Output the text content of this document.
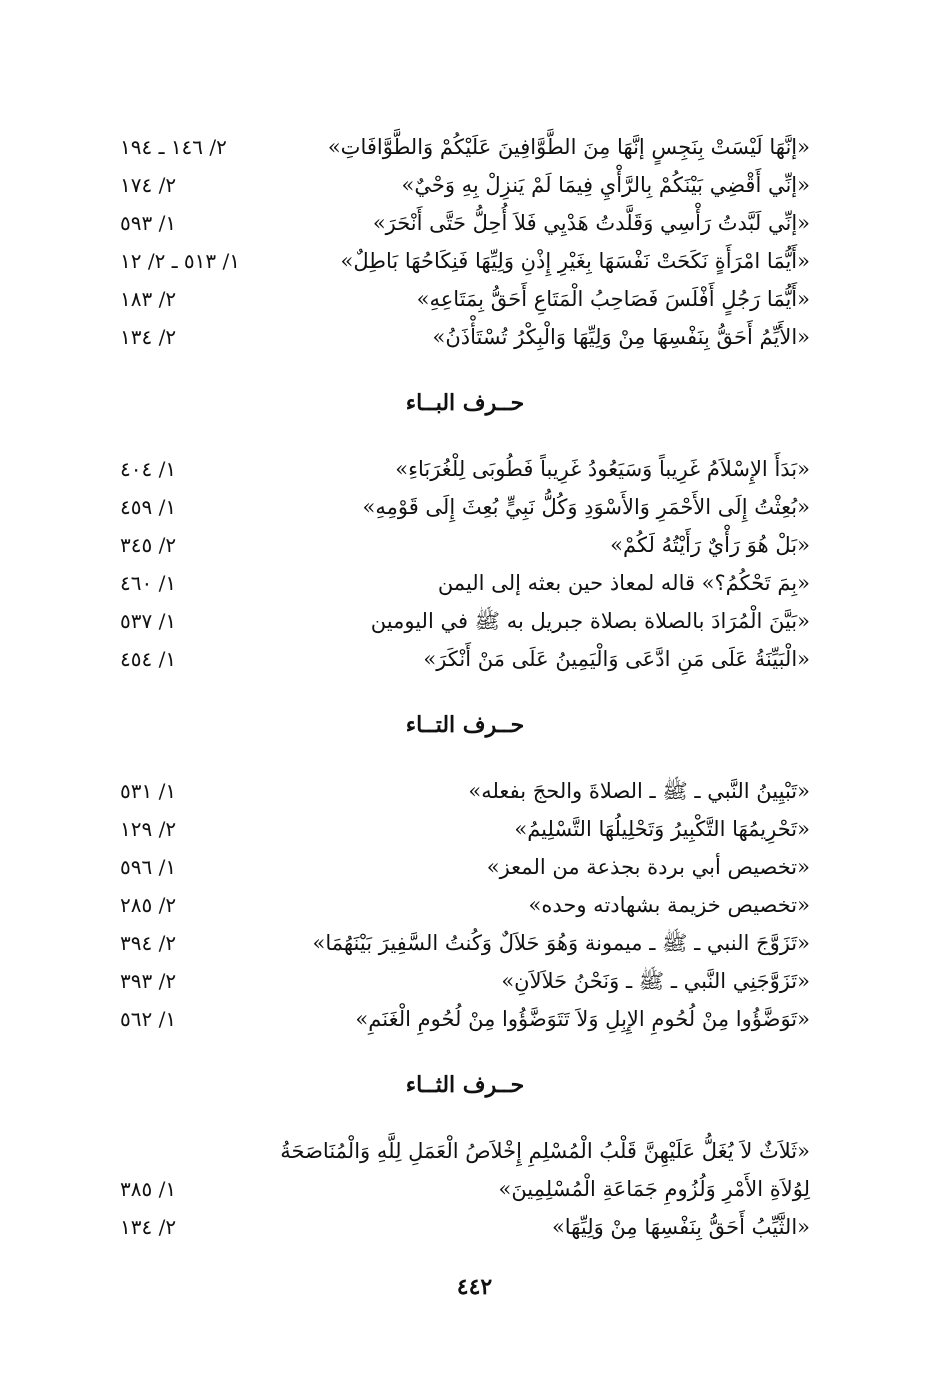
«إنَّهَا لَيْسَتْ بِنَجِسٍ إنَّهَا مِنَ الطَّوَّافِينَ عَلَيْكُمْ وَالطَّوَّافَاتِ»
٢/ ١٤٦ ـ ١٩٤
«إنِّي أَقْضِي بَيْنَكُمْ بِالرَّأْيِ فِيمَا لَمْ يَنزِلْ بِهِ وَحْيٌ»
٢/ ١٧٤
«إنِّي لَبَّدتُ رَأْسِي وَقَلَّدتُ هَدْيِي فَلاَ أُحِلُّ حَتَّى أَنْحَرَ»
١/ ٥٩٣
«أَيُّمَا امْرَأَةٍ نَكَحَتْ نَفْسَهَا بِغَيْرِ إِذْنِ وَلِيِّهَا فَنِكَاحُهَا بَاطِلٌ»
١/ ٥١٣ ـ ٢/ ١٢
«أَيُّمَا رَجُلٍ أَفْلَسَ فَصَاحِبُ الْمَتَاعِ أَحَقُّ بِمَتَاعِهِ»
٢/ ١٨٣
«الأَيِّمُ أَحَقُّ بِنَفْسِهَا مِنْ وَلِيِّهَا وَالْبِكْرُ تُسْتَأْذَنُ»
٢/ ١٣٤
حــرف البــاء
«بَدَأَ الإِسْلاَمُ غَرِيباً وَسَيَعُودُ غَرِيباً فَطُوبَى لِلْغُرَبَاءِ»
١/ ٤٠٤
«بُعِثْتُ إِلَى الأَحْمَرِ وَالأَسْوَدِ وَكُلُّ نَبِيٍّ بُعِثَ إِلَى قَوْمِهِ»
١/ ٤٥٩
«بَلْ هُوَ رَأْيٌ رَأَيْتُهُ لَكُمْ»
٢/ ٣٤٥
«بِمَ تَحْكُمُ؟» قاله لمعاذ حين بعثه إلى اليمن
١/ ٤٦٠
«بَيَّنَ الْمُرَادَ بالصلاة بصلاة جبريل به ﷺ في اليومين
١/ ٥٣٧
«الْبَيِّنَةُ عَلَى مَنِ ادَّعَى وَالْيَمِينُ عَلَى مَنْ أَنْكَرَ»
١/ ٤٥٤
حــرف التــاء
«تَبْيِينُ النَّبي ـ ﷺ ـ الصلاةَ والحجَ بفعله»
١/ ٥٣١
«تَحْرِيمُهَا التَّكْبِيرُ وَتَحْلِيلُهَا التَّسْلِيمُ»
٢/ ١٢٩
«تخصيص أبي بردة بجذعة من المعز»
١/ ٥٩٦
«تخصيص خزيمة بشهادته وحده»
٢/ ٢٨٥
«تَزَوَّجَ النبي ـ ﷺ ـ ميمونة وَهُوَ حَلاَلٌ وَكُنتُ السَّفِيرَ بَيْنَهُمَا»
٢/ ٣٩٤
«تَزَوَّجَنِي النَّبي ـ ﷺ ـ وَنَحْنُ حَلاَلاَنِ»
٢/ ٣٩٣
«تَوَضَّؤُوا مِنْ لُحُومِ الإِبِلِ وَلاَ تَتَوَضَّؤُوا مِنْ لُحُومِ الْغَنَمِ»
١/ ٥٦٢
حــرف الثــاء
«ثَلاَثٌ لاَ يُغَلُّ عَلَيْهِنَّ قَلْبُ الْمُسْلِمِ إِخْلاَصُ الْعَمَلِ لِلَّهِ وَالْمُنَاصَحَةُ
لِوُلاَةِ الأَمْرِ وَلُزُومِ جَمَاعَةِ الْمُسْلِمِينَ»
١/ ٣٨٥
«الثَّيِّبُ أَحَقُّ بِنَفْسِهَا مِنْ وَلِيِّهَا»
٢/ ١٣٤
٤٤٢
